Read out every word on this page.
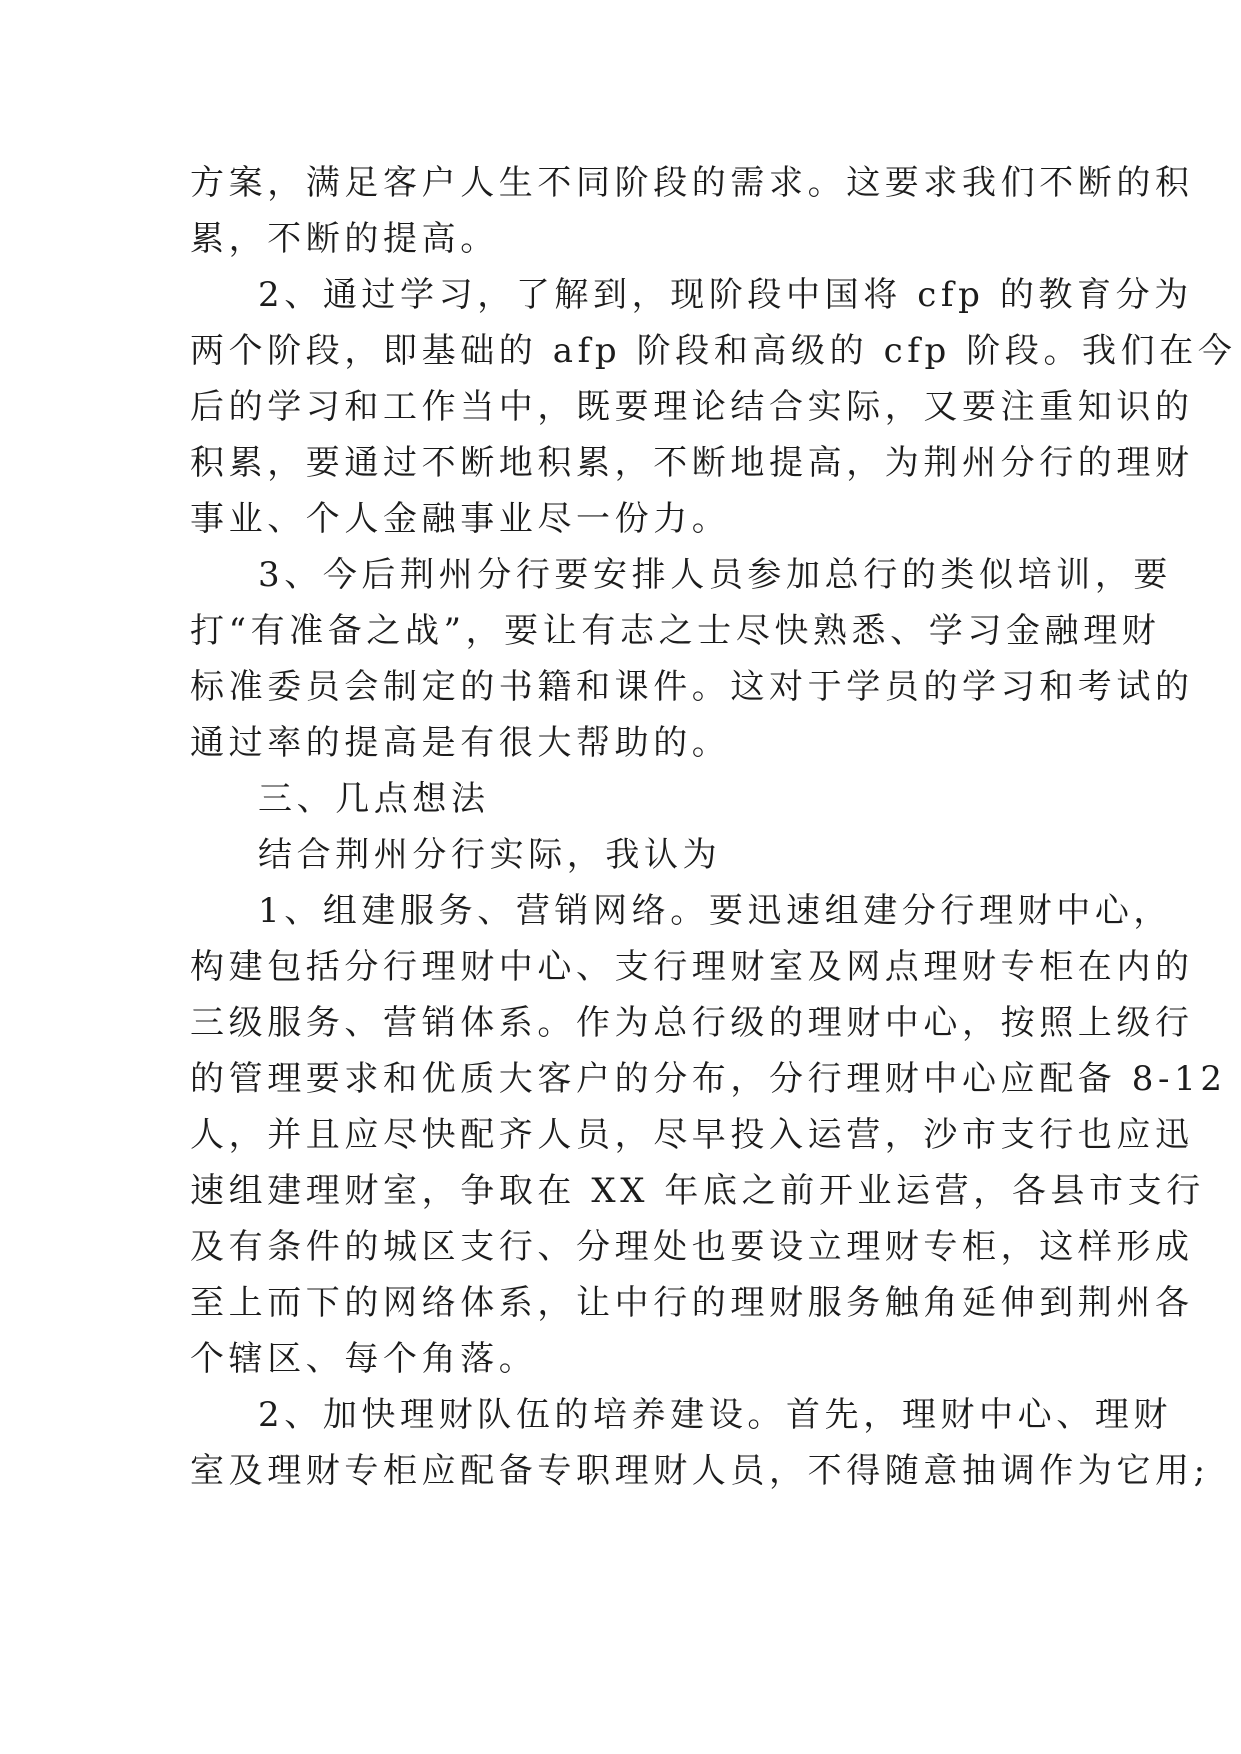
方案，满足客户人生不同阶段的需求。这要求我们不断的积

累，不断的提高。

2、通过学习，了解到，现阶段中国将 cfp 的教育分为

两个阶段，即基础的 afp 阶段和高级的 cfp 阶段。我们在今

后的学习和工作当中，既要理论结合实际，又要注重知识的

积累，要通过不断地积累，不断地提高，为荆州分行的理财

事业、个人金融事业尽一份力。

3、今后荆州分行要安排人员参加总行的类似培训，要

打“有准备之战”，要让有志之士尽快熟悉、学习金融理财

标准委员会制定的书籍和课件。这对于学员的学习和考试的

通过率的提高是有很大帮助的。

三、几点想法

结合荆州分行实际，我认为

1、组建服务、营销网络。要迅速组建分行理财中心，

构建包括分行理财中心、支行理财室及网点理财专柜在内的

三级服务、营销体系。作为总行级的理财中心，按照上级行

的管理要求和优质大客户的分布，分行理财中心应配备 8-12

人，并且应尽快配齐人员，尽早投入运营，沙市支行也应迅

速组建理财室，争取在 XX 年底之前开业运营，各县市支行

及有条件的城区支行、分理处也要设立理财专柜，这样形成

至上而下的网络体系，让中行的理财服务触角延伸到荆州各

个辖区、每个角落。

2、加快理财队伍的培养建设。首先，理财中心、理财

室及理财专柜应配备专职理财人员，不得随意抽调作为它用;
